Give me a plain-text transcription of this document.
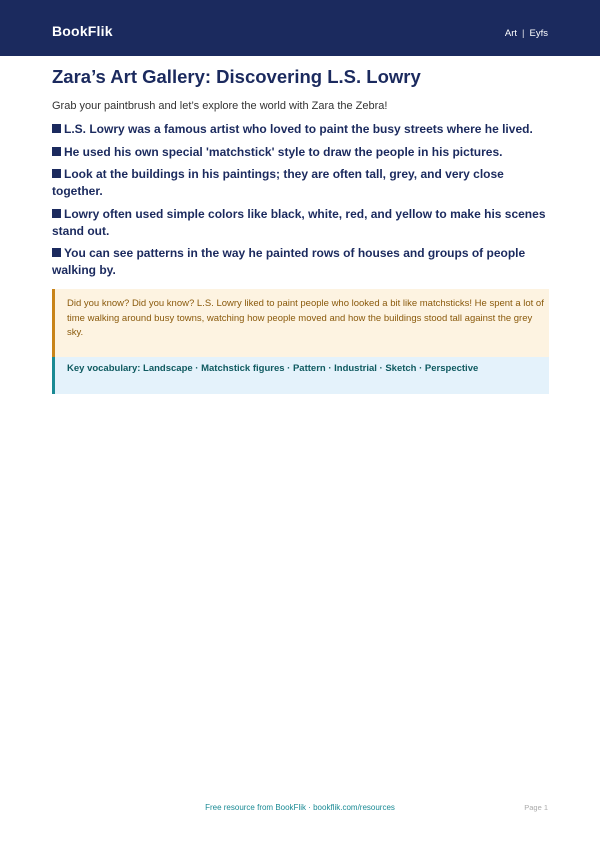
BookFlik	Art | Eyfs
Zara’s Art Gallery: Discovering L.S. Lowry

Grab your paintbrush and let’s explore the world with Zara the Zebra!

L.S. Lowry was a famous artist who loved to paint the busy streets where he lived.
He used his own special 'matchstick' style to draw the people in his pictures.
Look at the buildings in his paintings; they are often tall, grey, and very close together.
Lowry often used simple colors like black, white, red, and yellow to make his scenes stand out.
You can see patterns in the way he painted rows of houses and groups of people walking by.

Did you know? Did you know? L.S. Lowry liked to paint people who looked a bit like matchsticks! He spent a lot of time walking around busy towns, watching how people moved and how the buildings stood tall against the grey sky.

Key vocabulary: Landscape · Matchstick figures · Pattern · Industrial · Sketch · Perspective

Free resource from BookFlik · bookflik.com/resources	Page 1
